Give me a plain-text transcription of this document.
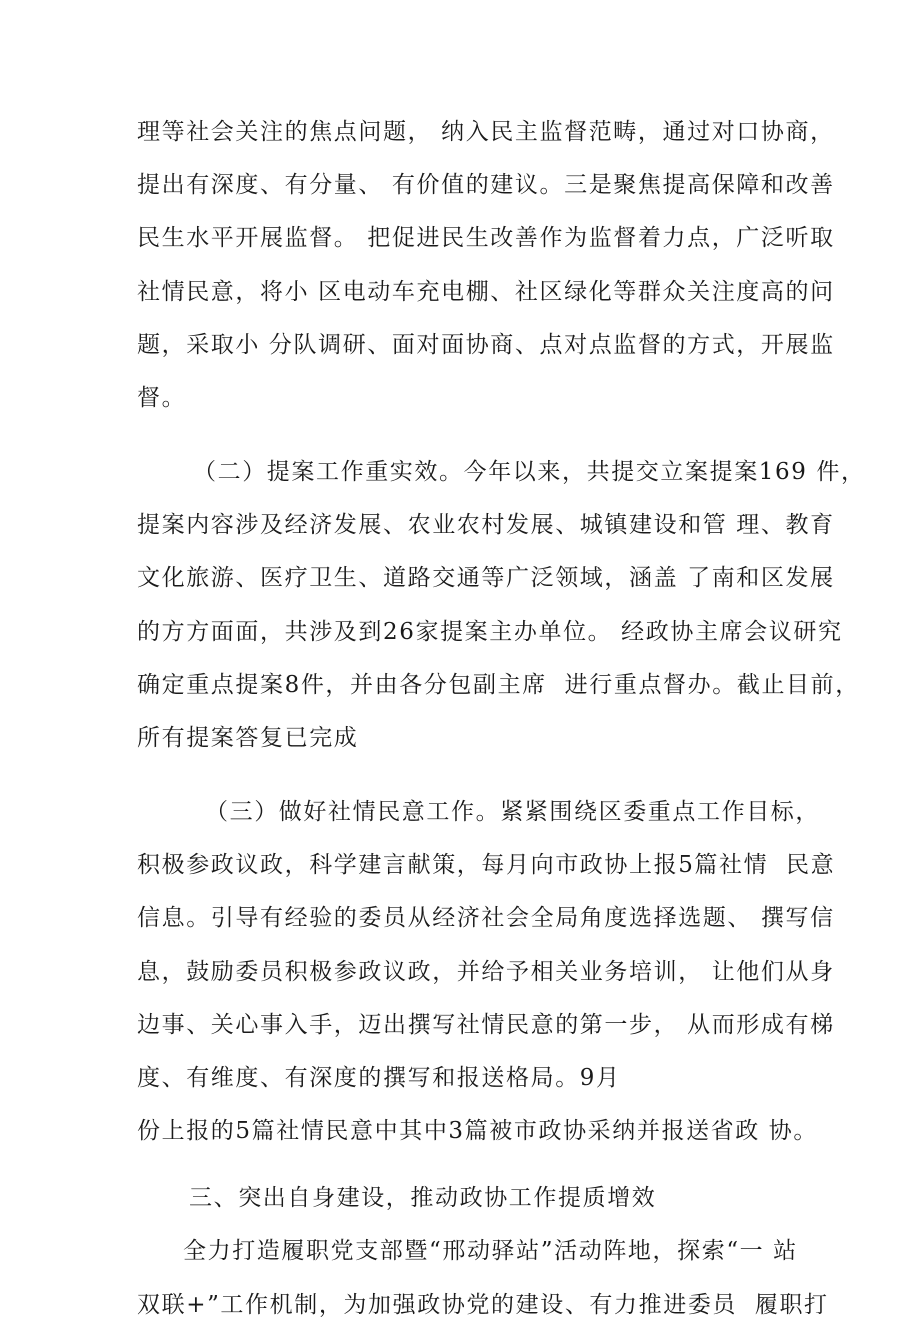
理等社会关注的焦点问题， 纳入民主监督范畴，通过对口协商，
提出有深度、有分量、 有价值的建议。三是聚焦提高保障和改善
民生水平开展监督。 把促进民生改善作为监督着力点，广泛听取
社情民意，将小 区电动车充电棚、社区绿化等群众关注度高的问
题，采取小 分队调研、面对面协商、点对点监督的方式，开展监
督。
（二）提案工作重实效。今年以来，共提交立案提案169 件，
提案内容涉及经济发展、农业农村发展、城镇建设和管 理、教育
文化旅游、医疗卫生、道路交通等广泛领域，涵盖 了南和区发展
的方方面面，共涉及到26家提案主办单位。 经政协主席会议研究
确定重点提案8件，并由各分包副主席  进行重点督办。截止目前，
所有提案答复已完成
（三）做好社情民意工作。紧紧围绕区委重点工作目标，
积极参政议政，科学建言献策，每月向市政协上报5篇社情  民意
信息。引导有经验的委员从经济社会全局角度选择选题、 撰写信
息，鼓励委员积极参政议政，并给予相关业务培训， 让他们从身
边事、关心事入手，迈出撰写社情民意的第一步， 从而形成有梯
度、有维度、有深度的撰写和报送格局。9月
份上报的5篇社情民意中其中3篇被市政协采纳并报送省政 协。
三、突出自身建设，推动政协工作提质增效
全力打造履职党支部暨“邢动驿站”活动阵地，探索“一 站
双联+”工作机制，为加强政协党的建设、有力推进委员  履职打
